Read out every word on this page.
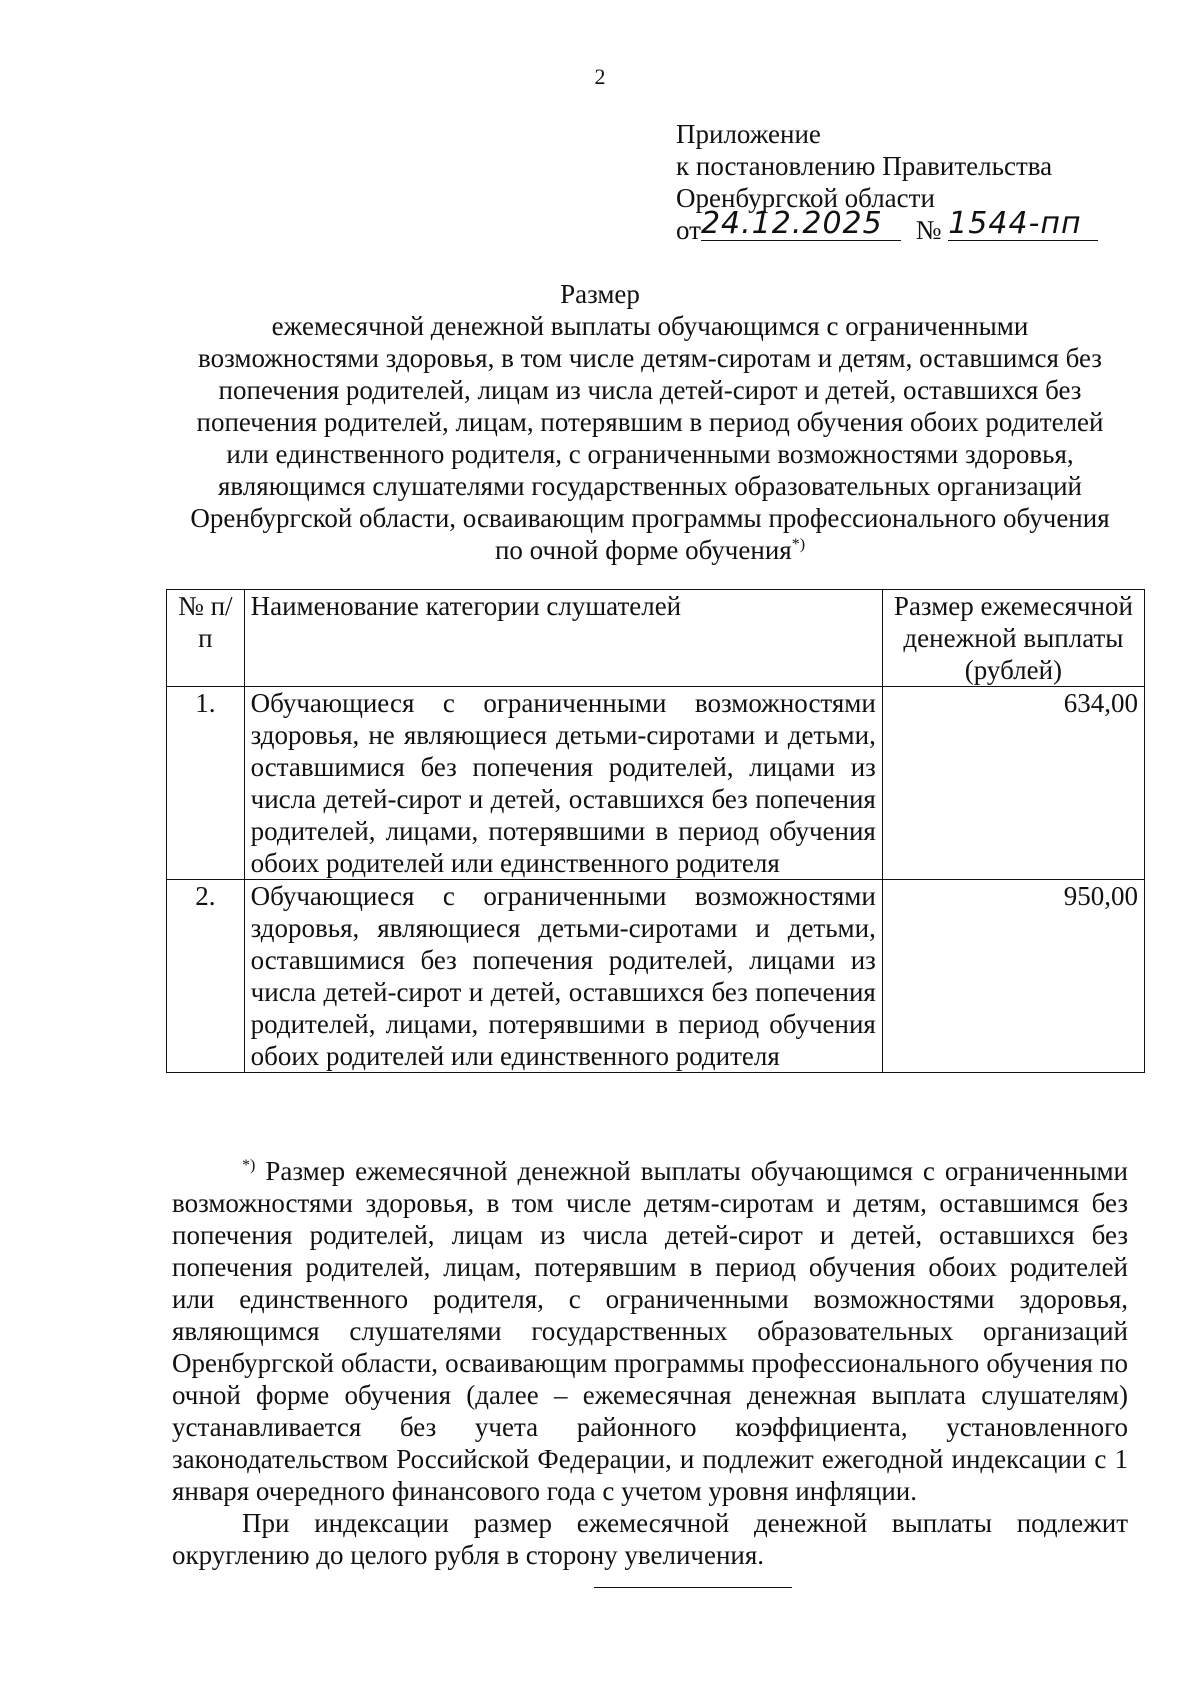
2
Приложение
к постановлению Правительства
Оренбургской области
от24.12.2025 № 1544-пп
Размер
ежемесячной денежной выплаты обучающимся с ограниченными возможностями здоровья, в том числе детям-сиротам и детям, оставшимся без попечения родителей, лицам из числа детей-сирот и детей, оставшихся без попечения родителей, лицам, потерявшим в период обучения обоих родителей или единственного родителя, с ограниченными возможностями здоровья, являющимся слушателями государственных образовательных организаций Оренбургской области, осваивающим программы профессионального обучения по очной форме обучения*)
№ п/п	Наименование категории слушателей	Размер ежемесячной денежной выплаты (рублей)
1.	Обучающиеся с ограниченными возможностями здоровья, не являющиеся детьми-сиротами и детьми, оставшимися без попечения родителей, лицами из числа детей-сирот и детей, оставшихся без попечения родителей, лицами, потерявшими в период обучения обоих родителей или единственного родителя	634,00
2.	Обучающиеся с ограниченными возможностями здоровья, являющиеся детьми-сиротами и детьми, оставшимися без попечения родителей, лицами из числа детей-сирот и детей, оставшихся без попечения родителей, лицами, потерявшими в период обучения обоих родителей или единственного родителя	950,00

*) Размер ежемесячной денежной выплаты обучающимся с ограниченными возможностями здоровья, в том числе детям-сиротам и детям, оставшимся без попечения родителей, лицам из числа детей-сирот и детей, оставшихся без попечения родителей, лицам, потерявшим в период обучения обоих родителей или единственного родителя, с ограниченными возможностями здоровья, являющимся слушателями государственных образовательных организаций Оренбургской области, осваивающим программы профессионального обучения по очной форме обучения (далее – ежемесячная денежная выплата слушателям) устанавливается без учета районного коэффициента, установленного законодательством Российской Федерации, и подлежит ежегодной индексации с 1 января очередного финансового года с учетом уровня инфляции.

При индексации размер ежемесячной денежной выплаты подлежит округлению до целого рубля в сторону увеличения.
